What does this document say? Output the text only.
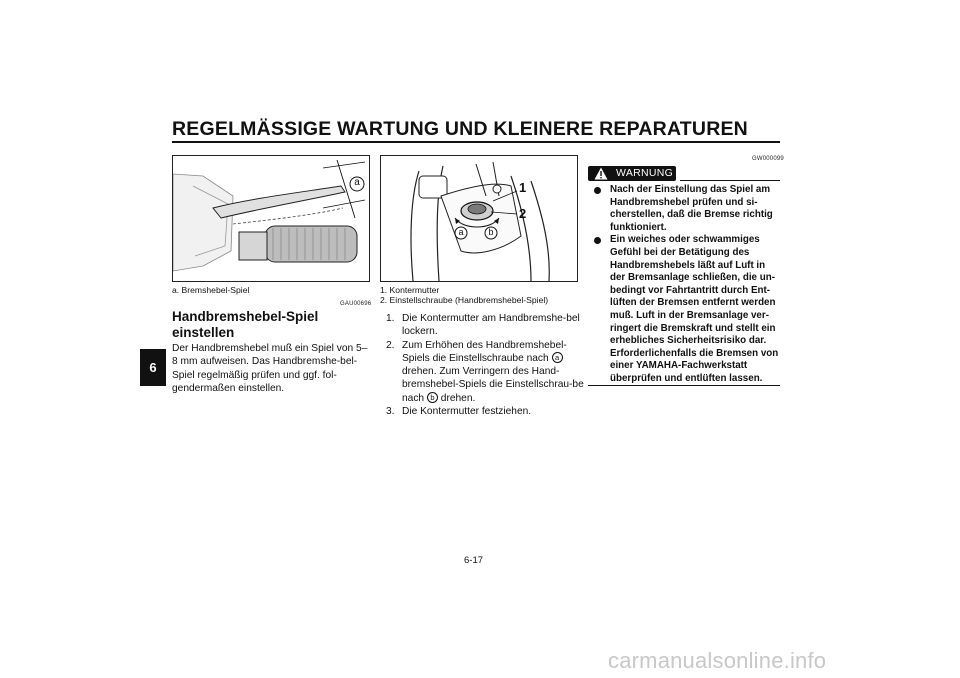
REGELMÄSSIGE WARTUNG UND KLEINERE REPARATUREN
6
a
a. Bremshebel-Spiel
1
2
a	b
1. Kontermutter
2. Einstellschraube (Handbremshebel-Spiel)
GAU00696
Handbremshebel-Spiel einstellen
Der Handbremshebel muß ein Spiel von 5–8 mm aufweisen. Das Handbremshe-bel-Spiel regelmäßig prüfen und ggf. fol-gendermaßen einstellen.
1. Die Kontermutter am Handbremshe-bel lockern.
2. Zum Erhöhen des Handbremshebel-Spiels die Einstellschraube nach a drehen. Zum Verringern des Hand-bremshebel-Spiels die Einstellschrau-be nach b drehen.
3. Die Kontermutter festziehen.
GW000099
WARNUNG
Nach der Einstellung das Spiel am Handbremshebel prüfen und si-cherstellen, daß die Bremse richtig funktioniert.
Ein weiches oder schwammiges Gefühl bei der Betätigung des Handbremshebels läßt auf Luft in der Bremsanlage schließen, die un-bedingt vor Fahrtantritt durch Ent-lüften der Bremsen entfernt werden muß. Luft in der Bremsanlage ver-ringert die Bremskraft und stellt ein erhebliches Sicherheitsrisiko dar. Erforderlichenfalls die Bremsen von einer YAMAHA-Fachwerkstatt überprüfen und entlüften lassen.
6-17
carmanualsonline.info
